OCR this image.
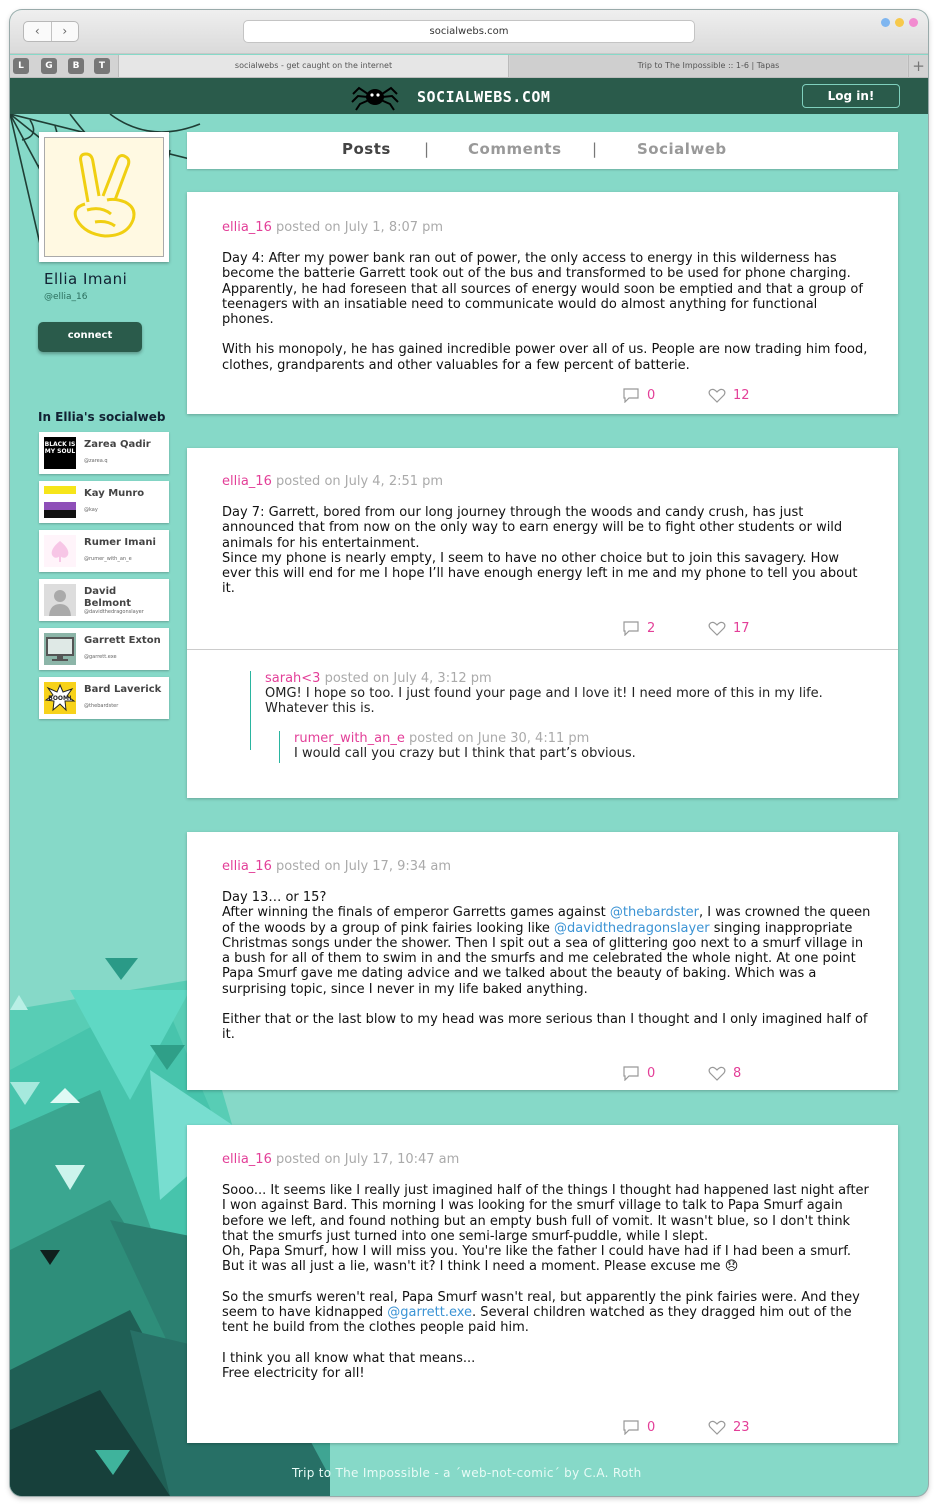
‹	›	socialwebs.com
L	G	B	T	socialwebs - get caught on the internet	Trip to The Impossible :: 1-6 | Tapas	+
SOCIALWEBS.COM	Log in!
Ellia Imani
@ellia_16
connect
In Ellia's socialweb
BLACK IS MY SOUL
Zarea Qadir
@zarea.q
Kay Munro
@kay
Rumer Imani
@rumer_with_an_e
David Belmont
@davidthedragonslayer
Garrett Exton
@garrett.exe
BOOM!
Bard Laverick
@thebardster
Posts |	Comments |	Socialweb
ellia_16 posted on July 1, 8:07 pm

Day 4: After my power bank ran out of power, the only access to energy in this wilderness has become the batterie Garrett took out of the bus and transformed to be used for phone charging. Apparently, he had foreseen that all sources of energy would soon be emptied and that a group of teenagers with an insatiable need to communicate would do almost anything for functional phones.

With his monopoly, he has gained incredible power over all of us. People are now trading him food, clothes, grandparents and other valuables for a few percent of batterie.

0	12
ellia_16 posted on July 4, 2:51 pm
Day 7: Garrett, bored from our long journey through the woods and candy crush, has just announced that from now on the only way to earn energy will be to fight other students or wild animals for his entertainment.
Since my phone is nearly empty, I seem to have no other choice but to join this savagery. How ever this will end for me I hope I’ll have enough energy left in me and my phone to tell you about it.
2	17
sarah<3 posted on July 4, 3:12 pm
OMG! I hope so too. I just found your page and I love it! I need more of this in my life. Whatever this is.
rumer_with_an_e posted on June 30, 4:11 pm
I would call you crazy but I think that part’s obvious.
ellia_16 posted on July 17, 9:34 am

Day 13… or 15?
After winning the finals of emperor Garretts games against @thebardster, I was crowned the queen of the woods by a group of pink fairies looking like @davidthedragonslayer singing inappropriate Christmas songs under the shower. Then I spit out a sea of glittering goo next to a smurf village in a bush for all of them to swim in and the smurfs and me celebrated the whole night. At one point Papa Smurf gave me dating advice and we talked about the beauty of baking. Which was a surprising topic, since I never in my life baked anything.

Either that or the last blow to my head was more serious than I thought and I only imagined half of it.

0	8
ellia_16 posted on July 17, 10:47 am

Sooo... It seems like I really just imagined half of the things I thought had happened last night after I won against Bard. This morning I was looking for the smurf village to talk to Papa Smurf again before we left, and found nothing but an empty bush full of vomit. It wasn't blue, so I don't think that the smurfs just turned into one semi-large smurf-puddle, while I slept.
Oh, Papa Smurf, how I will miss you. You're like the father I could have had if I had been a smurf. But it was all just a lie, wasn't it? I think I need a moment. Please excuse me 😞

So the smurfs weren't real, Papa Smurf wasn't real, but apparently the pink fairies were. And they seem to have kidnapped @garrett.exe. Several children watched as they dragged him out of the tent he build from the clothes people paid him.

I think you all know what that means...
Free electricity for all!

0	23
Trip to The Impossible - a ´web-not-comic´ by C.A. Roth
